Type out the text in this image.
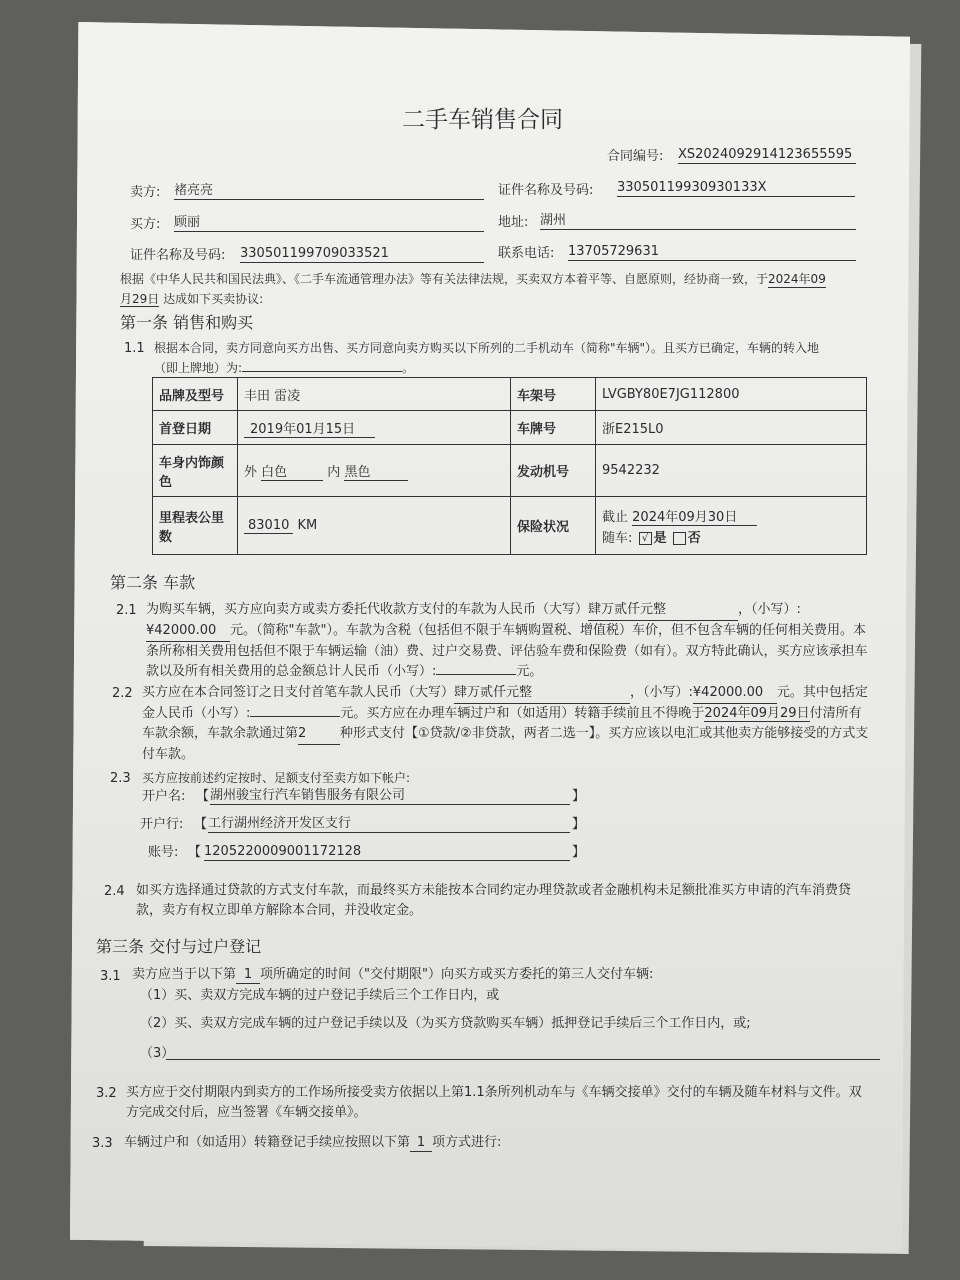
二手车销售合同
合同编号: XS2024092914123655595
卖方: 褚亮亮	证件名称及号码: 33050119930930133X
买方: 顾丽	地址: 湖州
证件名称及号码: 330501199709033521	联系电话: 13705729631
根据《中华人民共和国民法典》、《二手车流通管理办法》等有关法律法规，买卖双方本着平等、自愿原则，经协商一致，于2024年09
月29日 达成如下买卖协议:
第一条 销售和购买
1.1 根据本合同，卖方同意向买方出售、买方同意向卖方购买以下所列的二手机动车（简称"车辆"）。且买方已确定，车辆的转入地
（即上牌地）为:	。
品牌及型号	丰田 雷凌	车架号	LVGBY80E7JG112800
首登日期	2019年01月15日	车牌号	浙E215L0
车身内饰颜色	外 白色 内 黑色	发动机号	9542232
里程表公里数	83010 KM	保险状况	截止 2024年09月30日
随车: √ 是 否
第二条 车款
2.1 为购买车辆，买方应向卖方或卖方委托代收款方支付的车款为人民币（大写）肆万贰仟元整	，（小写）:
¥42000.00 元。（简称"车款"）。车款为含税（包括但不限于车辆购置税、增值税）车价，但不包含车辆的任何相关费用。本条所称相关费用包括但不限于车辆运输（油）费、过户交易费、评估验车费和保险费（如有）。双方特此确认，买方应该承担车款以及所有相关费用的总金额总计人民币（小写）:	元。
2.2 买方应在本合同签订之日支付首笔车款人民币（大写）肆万贰仟元整	，（小写）:¥42000.00 元。其中包括定金人民币（小写）:	元。买方应在办理车辆过户和（如适用）转籍手续前且不得晚于2024年09月29日付清所有车款余额，车款余款通过第2	种形式支付【①贷款/②非贷款，两者二选一】。买方应该以电汇或其他卖方能够接受的方式支付车款。
2.3 买方应按前述约定按时、足额支付至卖方如下帐户:
开户名: 【 湖州骏宝行汽车销售服务有限公司	】
开户行: 【 工行湖州经济开发区支行	】
账号: 【 1205220009001172128	】
2.4 如买方选择通过贷款的方式支付车款，而最终买方未能按本合同约定办理贷款或者金融机构未足额批准买方申请的汽车消费贷款，卖方有权立即单方解除本合同，并没收定金。
第三条 交付与过户登记
3.1 卖方应当于以下第 1 项所确定的时间（"交付期限"）向买方或买方委托的第三人交付车辆:
（1）买、卖双方完成车辆的过户登记手续后三个工作日内，或
（2）买、卖双方完成车辆的过户登记手续以及（为买方贷款购买车辆）抵押登记手续后三个工作日内，或;
（3）
3.2 买方应于交付期限内到卖方的工作场所接受卖方依据以上第1.1条所列机动车与《车辆交接单》交付的车辆及随车材料与文件。双方完成交付后，应当签署《车辆交接单》。
3.3 车辆过户和（如适用）转籍登记手续应按照以下第 1 项方式进行:
